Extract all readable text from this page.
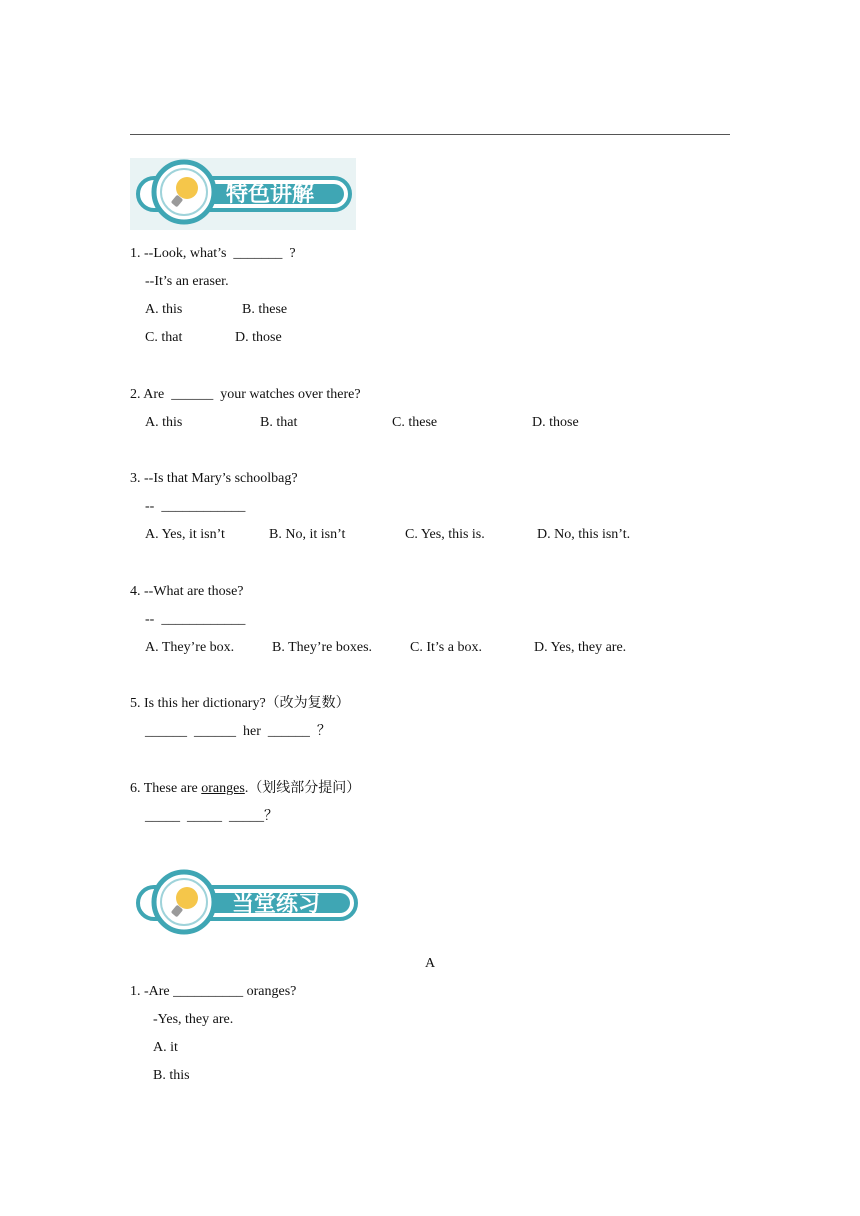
特色讲解
1. --Look, what’s  _______  ?
--It’s an eraser.
A. this	B. these
C. that	D. those
2. Are  ______  your watches over there?
A. this	B. that	C. these	D. those
3. --Is that Mary’s schoolbag?
--  ____________
A. Yes, it isn’t	B. No, it isn’t	C. Yes, this is.	D. No, this isn’t.
4. --What are those?
--  ____________
A. They’re box.	B. They’re boxes.	C. It’s a box.	D. Yes, they are.
5. Is this her dictionary?（改为复数）
______  ______  her  ______  ？
6. These are oranges.（划线部分提问）
_____  _____  _____？
当堂练习
A
1. -Are __________ oranges?
-Yes, they are.
A. it
B. this
